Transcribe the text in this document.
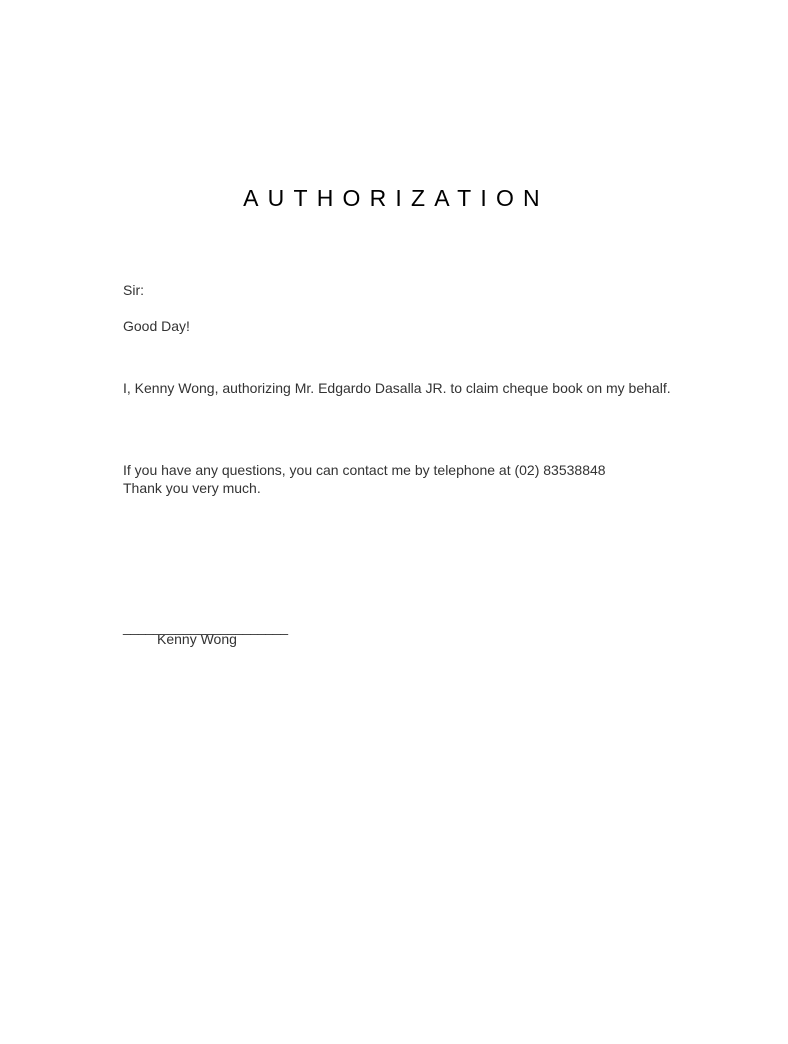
AUTHORIZATION
Sir:
Good Day!
I, Kenny Wong, authorizing Mr. Edgardo Dasalla JR. to claim cheque book on my behalf.
If you have any questions, you can contact me by telephone at (02) 83538848
Thank you very much.
______________________
Kenny Wong
